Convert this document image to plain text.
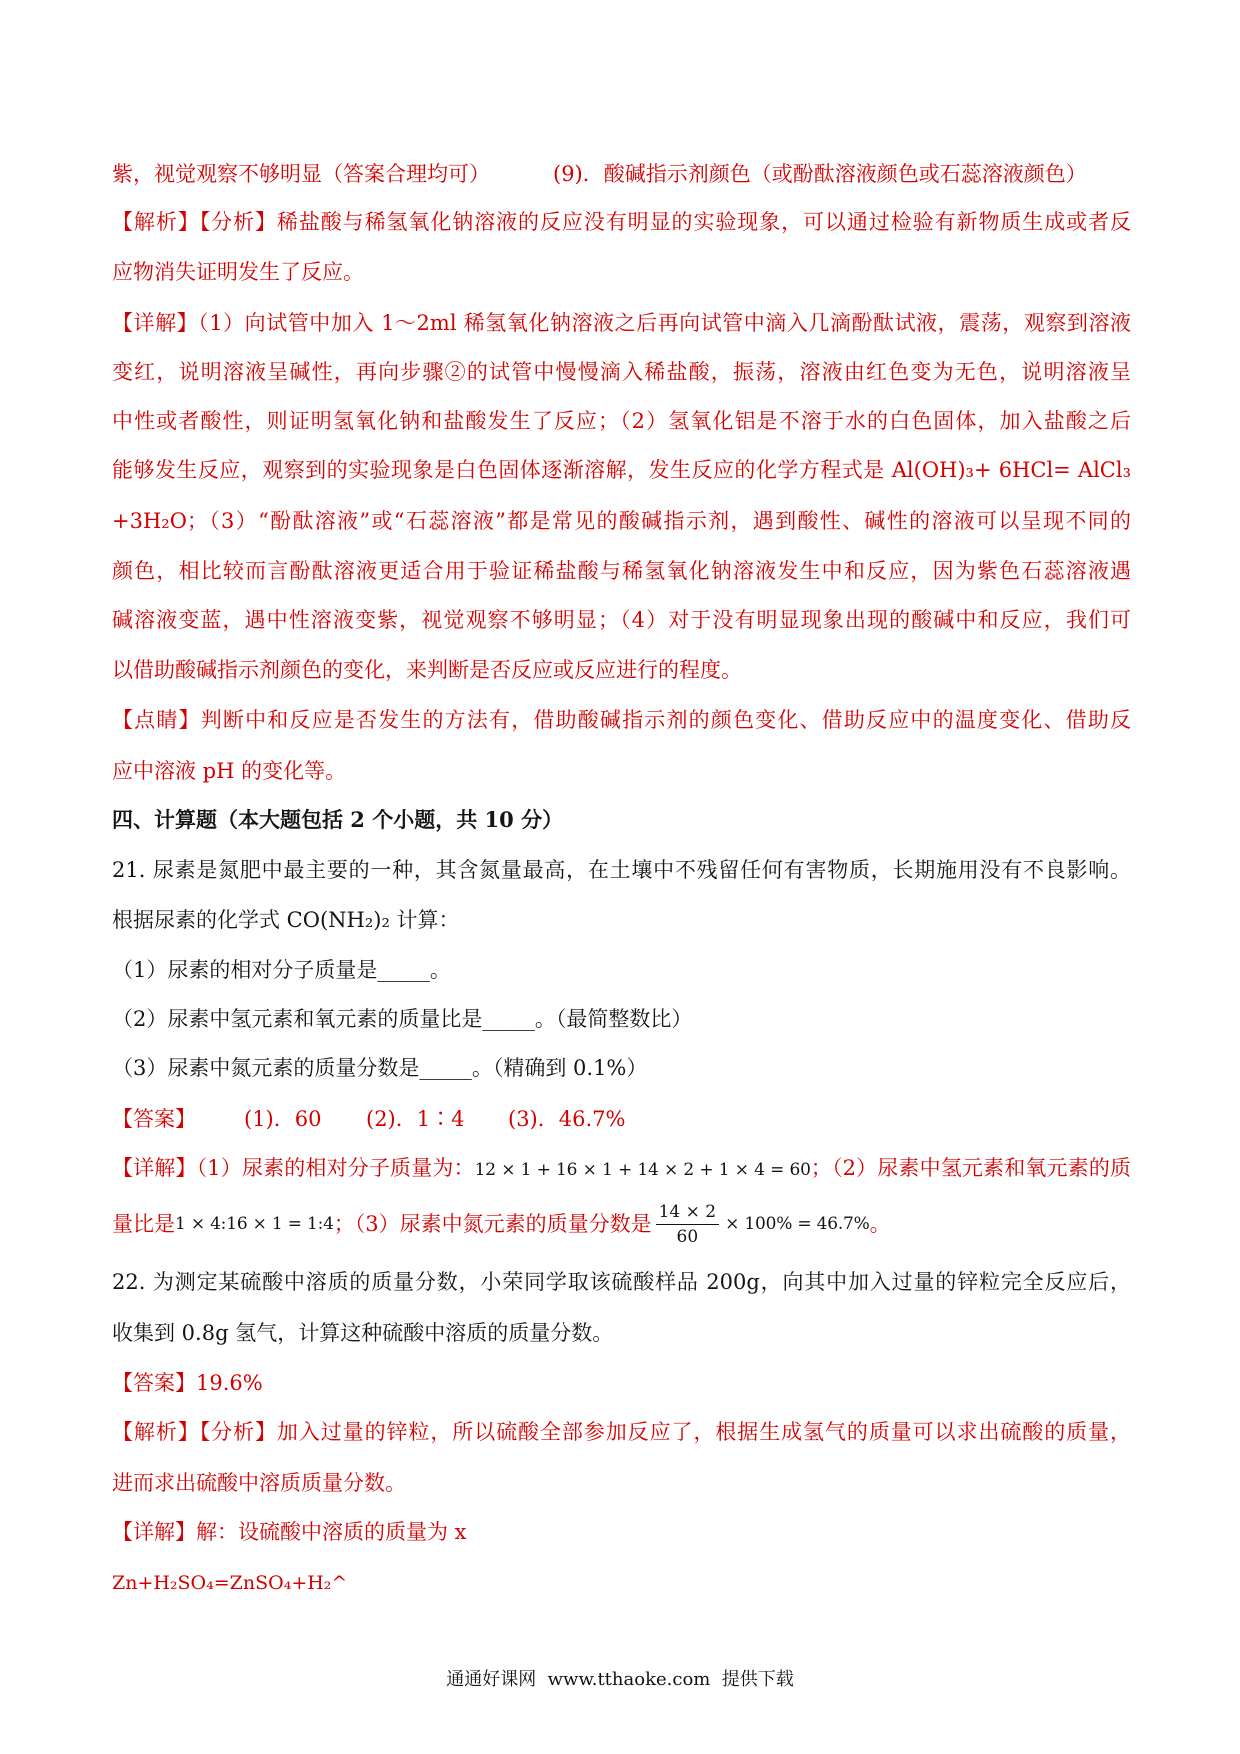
紫，视觉观察不够明显（答案合理均可）	(9)．酸碱指示剂颜色（或酚酞溶液颜色或石蕊溶液颜色）
【解析】【分析】稀盐酸与稀氢氧化钠溶液的反应没有明显的实验现象，可以通过检验有新物质生成或者反
应物消失证明发生了反应。
【详解】（1）向试管中加入 1～2ml 稀氢氧化钠溶液之后再向试管中滴入几滴酚酞试液，震荡，观察到溶液
变红，说明溶液呈碱性，再向步骤②的试管中慢慢滴入稀盐酸，振荡，溶液由红色变为无色，说明溶液呈
中性或者酸性，则证明氢氧化钠和盐酸发生了反应；（2）氢氧化铝是不溶于水的白色固体，加入盐酸之后
能够发生反应，观察到的实验现象是白色固体逐渐溶解，发生反应的化学方程式是 Al(OH)₃+ 6HCl= AlCl₃
+3H₂O；（3）“酚酞溶液”或“石蕊溶液”都是常见的酸碱指示剂，遇到酸性、碱性的溶液可以呈现不同的
颜色，相比较而言酚酞溶液更适合用于验证稀盐酸与稀氢氧化钠溶液发生中和反应，因为紫色石蕊溶液遇
碱溶液变蓝，遇中性溶液变紫，视觉观察不够明显；（4）对于没有明显现象出现的酸碱中和反应，我们可
以借助酸碱指示剂颜色的变化，来判断是否反应或反应进行的程度。
【点睛】判断中和反应是否发生的方法有，借助酸碱指示剂的颜色变化、借助反应中的温度变化、借助反
应中溶液 pH 的变化等。
四、计算题（本大题包括 2 个小题，共 10 分）
21. 尿素是氮肥中最主要的一种，其含氮量最高，在土壤中不残留任何有害物质，长期施用没有不良影响。
根据尿素的化学式 CO(NH₂)₂ 计算：
（1）尿素的相对分子质量是_____。
（2）尿素中氢元素和氧元素的质量比是_____。（最简整数比）
（3）尿素中氮元素的质量分数是_____。（精确到 0.1%）
【答案】 (1)．60 (2)．1∶4 (3)．46.7%
【详解】（1）尿素的相对分子质量为：12 × 1 + 16 × 1 + 14 × 2 + 1 × 4 = 60；（2）尿素中氢元素和氧元素的质
量比是 1 × 4:16 × 1 = 1:4 ；（3）尿素中氮元素的质量分数是 $\frac{14 \times 2}{60} \times 100\% = 46.7\%$ 。
22. 为测定某硫酸中溶质的质量分数，小荣同学取该硫酸样品 200g，向其中加入过量的锌粒完全反应后，
收集到 0.8g 氢气，计算这种硫酸中溶质的质量分数。
【答案】19.6%
【解析】【分析】加入过量的锌粒，所以硫酸全部参加反应了，根据生成氢气的质量可以求出硫酸的质量，
进而求出硫酸中溶质质量分数。
【详解】解：设硫酸中溶质的质量为 x
Zn+H₂SO₄=ZnSO₄+H₂^
通通好课网  www.tthaoke.com  提供下载
